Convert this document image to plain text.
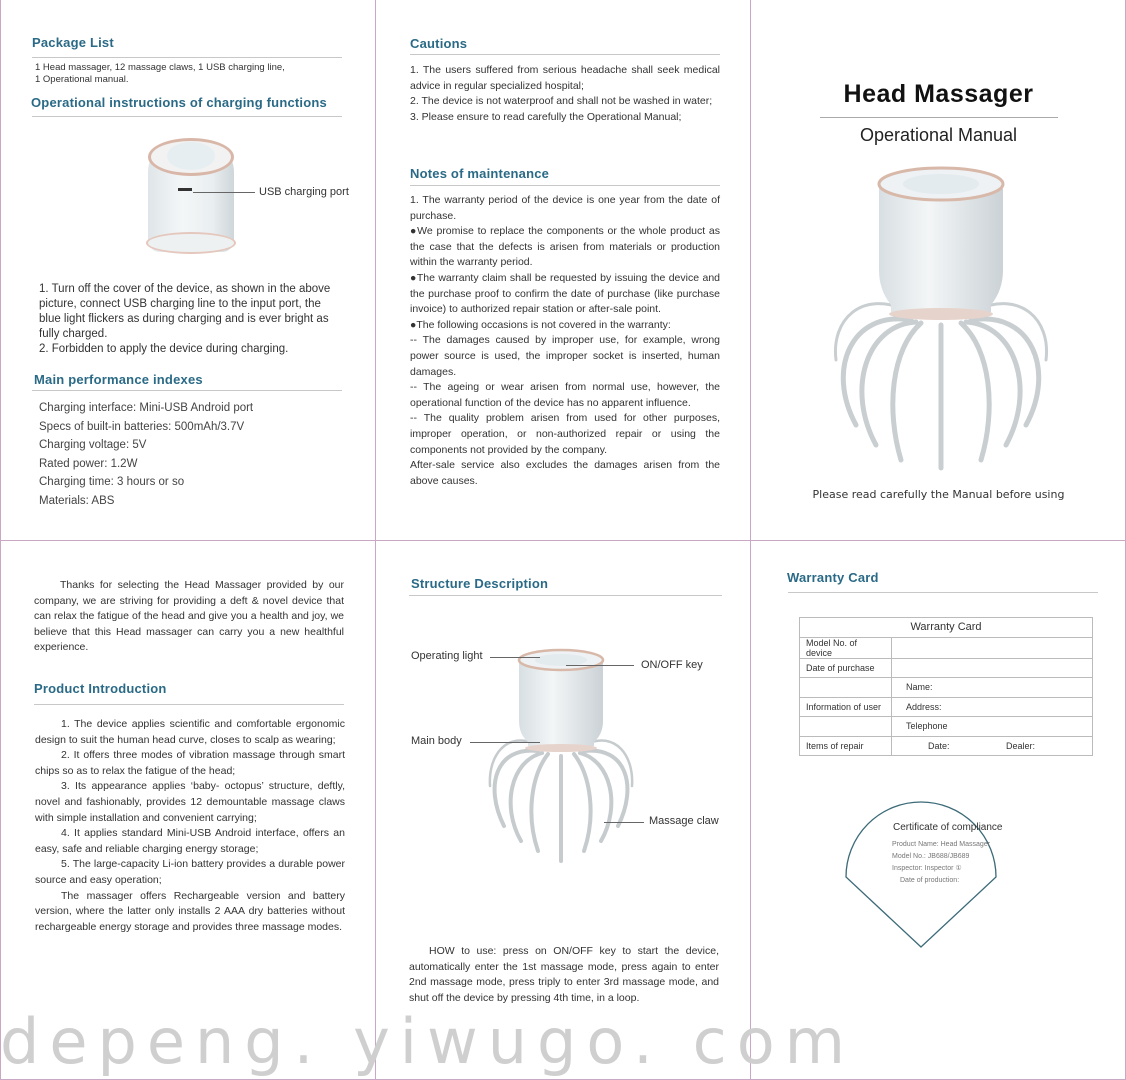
Package List
1 Head massager, 12 massage claws, 1 USB charging line,
1 Operational manual.
Operational instructions of charging functions
USB charging port
1. Turn off the cover of the device, as shown in the above picture, connect USB charging line to the input port, the blue light flickers as during charging and is ever bright as fully charged.
2. Forbidden to apply the device during charging.
Main performance indexes
Charging interface: Mini-USB Android port
Specs of built-in batteries: 500mAh/3.7V
Charging voltage: 5V
Rated power: 1.2W
Charging time: 3 hours or so
Materials: ABS
Cautions

1. The users suffered from serious headache shall seek medical advice in regular specialized hospital;

2. The device is not waterproof and shall not be washed in water;

3. Please ensure to read carefully the Operational Manual;

Notes of maintenance

1. The warranty period of the device is one year from the date of purchase.

●We promise to replace the components or the whole product as the case that the defects is arisen from materials or production within the warranty period.

●The warranty claim shall be requested by issuing the device and the purchase proof to confirm the date of purchase (like purchase invoice) to authorized repair station or after-sale point.

●The following occasions is not covered in the warranty:

-- The damages caused by improper use, for example, wrong power source is used, the improper socket is inserted, human damages.

-- The ageing or wear arisen from normal use, however, the operational function of the device has no apparent influence.

-- The quality problem arisen from used for other purposes, improper operation, or non-authorized repair or using the components not provided by the company.

After-sale service also excludes the damages arisen from the above causes.

Head Massager
Operational Manual
Please read carefully the Manual before using

Thanks for selecting the Head Massager provided by our company, we are striving for providing a deft & novel device that can relax the fatigue of the head and give you a health and joy, we believe that this Head massager can carry you a new healthful experience.

Product Introduction

1. The device applies scientific and comfortable ergonomic design to suit the human head curve, closes to scalp as wearing;

2. It offers three modes of vibration massage through smart chips so as to relax the fatigue of the head;

3. Its appearance applies ‘baby- octopus’ structure, deftly, novel and fashionably, provides 12 demountable massage claws with simple installation and convenient carrying;

4. It applies standard Mini-USB Android interface, offers an easy, safe and reliable charging energy storage;

5. The large-capacity Li-ion battery provides a durable power source and easy operation;

The massager offers Rechargeable version and battery version, where the latter only installs 2 AAA dry batteries without rechargeable energy storage and provides three massage modes.

Structure Description
Operating light
ON/OFF key
Main body
Massage claw

HOW to use: press on ON/OFF key to start the device, automatically enter the 1st massage mode, press again to enter 2nd massage mode, press triply to enter 3rd massage mode, and shut off the device by pressing 4th time, in a loop.

Warranty Card
Warranty Card	
Model No. of device	
Date of purchase	
	Name:
Information of user	Address:
	Telephone
Items of repair	Date: Dealer:
Certificate of compliance
Product Name: Head Massager
Model No.: JB688/JB689
Inspector: Inspector ①
Date of production:
depeng. yiwugo. com
